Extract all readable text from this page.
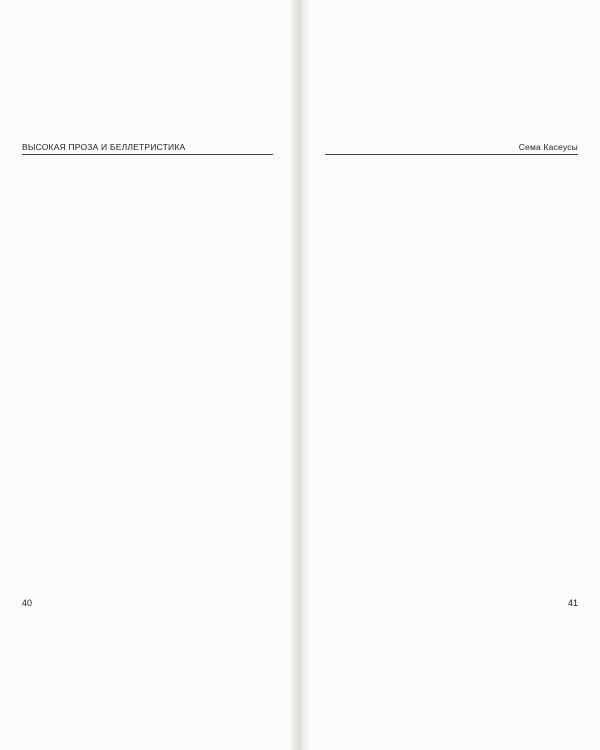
ВЫСОКАЯ ПРОЗА И БЕЛЛЕТРИСТИКА

40
Сема Касеусы

41
